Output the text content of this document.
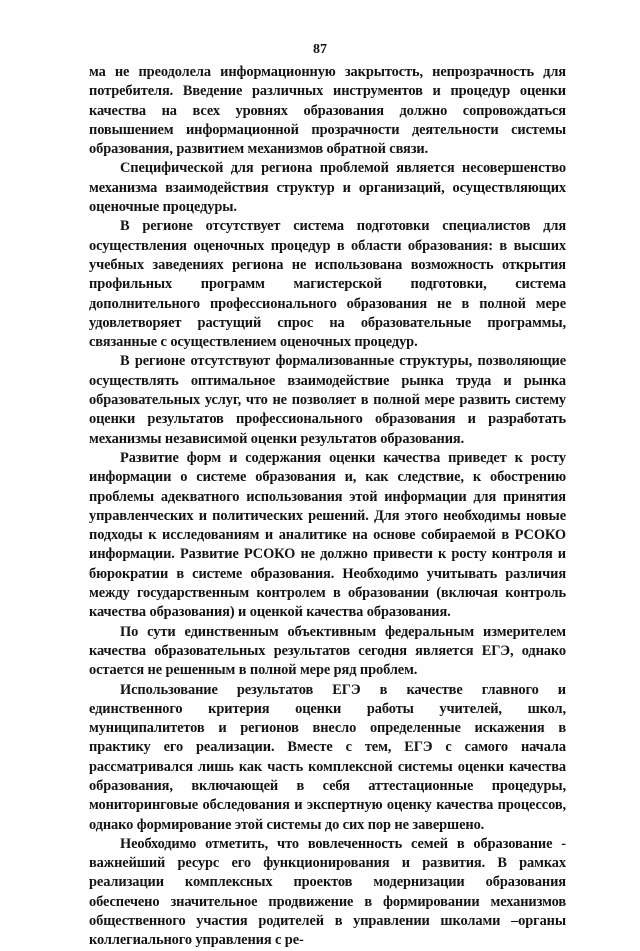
87

ма не преодолела информационную закрытость, непрозрачность для потребителя. Введение различных инструментов и процедур оценки качества на всех уровнях образования должно сопровождаться повышением информационной прозрачности деятельности системы образования, развитием механизмов обратной связи.

Специфической для региона проблемой является несовершенство механизма взаимодействия структур и организаций, осуществляющих оценочные процедуры.

В регионе отсутствует система подготовки специалистов для осуществления оценочных процедур в области образования: в высших учебных заведениях региона не использована возможность открытия профильных программ магистерской подготовки, система дополнительного профессионального образования не в полной мере удовлетворяет растущий спрос на образовательные программы, связанные с осуществлением оценочных процедур.

В регионе отсутствуют формализованные структуры, позволяющие осуществлять оптимальное взаимодействие рынка труда и рынка образовательных услуг, что не позволяет в полной мере развить систему оценки результатов профессионального образования и разработать механизмы независимой оценки результатов образования.

Развитие форм и содержания оценки качества приведет к росту информации о системе образования и, как следствие, к обострению проблемы адекватного использования этой информации для принятия управленческих и политических решений. Для этого необходимы новые подходы к исследованиям и аналитике на основе собираемой в РСОКО информации. Развитие РСОКО не должно привести к росту контроля и бюрократии в системе образования. Необходимо учитывать различия между государственным контролем в образовании (включая контроль качества образования) и оценкой качества образования.

По сути единственным объективным федеральным измерителем качества образовательных результатов сегодня является ЕГЭ, однако остается не решенным в полной мере ряд проблем.

Использование результатов ЕГЭ в качестве главного и единственного критерия оценки работы учителей, школ, муниципалитетов и регионов внесло определенные искажения в практику его реализации. Вместе с тем, ЕГЭ с самого начала рассматривался лишь как часть комплексной системы оценки качества образования, включающей в себя аттестационные процедуры, мониторинговые обследования и экспертную оценку качества процессов, однако формирование этой системы до сих пор не завершено.

Необходимо отметить, что вовлеченность семей в образование - важнейший ресурс его функционирования и развития. В рамках реализации комплексных проектов модернизации образования обеспечено значительное продвижение в формировании механизмов общественного участия родителей в управлении школами –органы коллегиального управления с ре-
